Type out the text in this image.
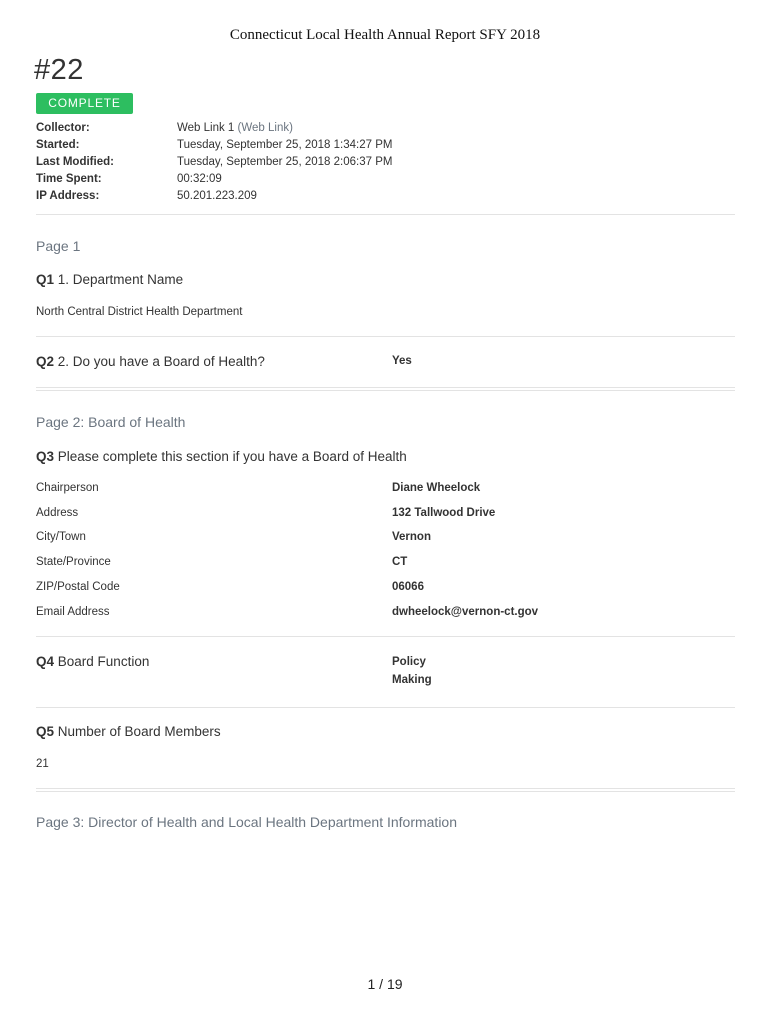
Connecticut Local Health Annual Report SFY 2018
#22
COMPLETE
Collector:	Web Link 1 (Web Link)
Started:	Tuesday, September 25, 2018 1:34:27 PM
Last Modified:	Tuesday, September 25, 2018 2:06:37 PM
Time Spent:	00:32:09
IP Address:	50.201.223.209
Page 1
Q1 1. Department Name
North Central District Health Department
Q2 2. Do you have a Board of Health?	Yes
Page 2: Board of Health
Q3 Please complete this section if you have a Board of Health
Chairperson	Diane Wheelock
Address	132 Tallwood Drive
City/Town	Vernon
State/Province	CT
ZIP/Postal Code	06066
Email Address	dwheelock@vernon-ct.gov
Q4 Board Function	Policy
Making
Q5 Number of Board Members
21
Page 3: Director of Health and Local Health Department Information
1 / 19
